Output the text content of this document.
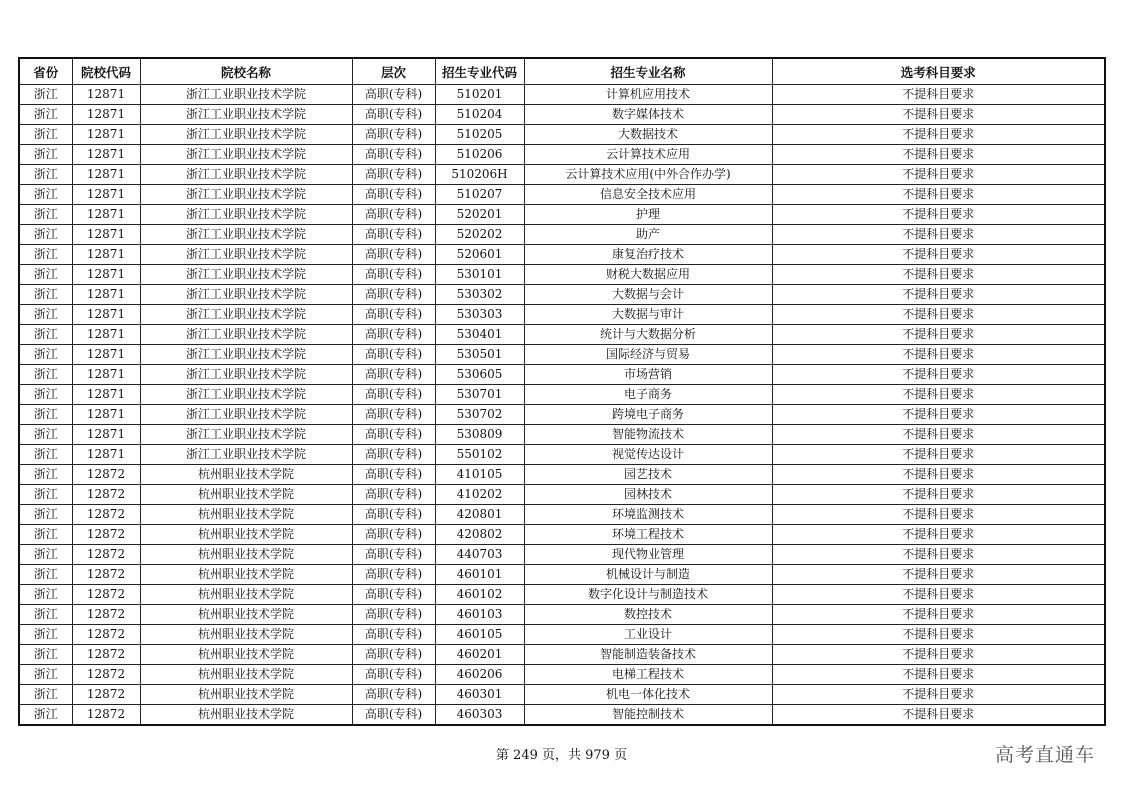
省份	院校代码	院校名称	层次	招生专业代码	招生专业名称	选考科目要求
浙江	12871	浙江工业职业技术学院	高职(专科)	510201	计算机应用技术	不提科目要求
浙江	12871	浙江工业职业技术学院	高职(专科)	510204	数字媒体技术	不提科目要求
浙江	12871	浙江工业职业技术学院	高职(专科)	510205	大数据技术	不提科目要求
浙江	12871	浙江工业职业技术学院	高职(专科)	510206	云计算技术应用	不提科目要求
浙江	12871	浙江工业职业技术学院	高职(专科)	510206H	云计算技术应用(中外合作办学)	不提科目要求
浙江	12871	浙江工业职业技术学院	高职(专科)	510207	信息安全技术应用	不提科目要求
浙江	12871	浙江工业职业技术学院	高职(专科)	520201	护理	不提科目要求
浙江	12871	浙江工业职业技术学院	高职(专科)	520202	助产	不提科目要求
浙江	12871	浙江工业职业技术学院	高职(专科)	520601	康复治疗技术	不提科目要求
浙江	12871	浙江工业职业技术学院	高职(专科)	530101	财税大数据应用	不提科目要求
浙江	12871	浙江工业职业技术学院	高职(专科)	530302	大数据与会计	不提科目要求
浙江	12871	浙江工业职业技术学院	高职(专科)	530303	大数据与审计	不提科目要求
浙江	12871	浙江工业职业技术学院	高职(专科)	530401	统计与大数据分析	不提科目要求
浙江	12871	浙江工业职业技术学院	高职(专科)	530501	国际经济与贸易	不提科目要求
浙江	12871	浙江工业职业技术学院	高职(专科)	530605	市场营销	不提科目要求
浙江	12871	浙江工业职业技术学院	高职(专科)	530701	电子商务	不提科目要求
浙江	12871	浙江工业职业技术学院	高职(专科)	530702	跨境电子商务	不提科目要求
浙江	12871	浙江工业职业技术学院	高职(专科)	530809	智能物流技术	不提科目要求
浙江	12871	浙江工业职业技术学院	高职(专科)	550102	视觉传达设计	不提科目要求
浙江	12872	杭州职业技术学院	高职(专科)	410105	园艺技术	不提科目要求
浙江	12872	杭州职业技术学院	高职(专科)	410202	园林技术	不提科目要求
浙江	12872	杭州职业技术学院	高职(专科)	420801	环境监测技术	不提科目要求
浙江	12872	杭州职业技术学院	高职(专科)	420802	环境工程技术	不提科目要求
浙江	12872	杭州职业技术学院	高职(专科)	440703	现代物业管理	不提科目要求
浙江	12872	杭州职业技术学院	高职(专科)	460101	机械设计与制造	不提科目要求
浙江	12872	杭州职业技术学院	高职(专科)	460102	数字化设计与制造技术	不提科目要求
浙江	12872	杭州职业技术学院	高职(专科)	460103	数控技术	不提科目要求
浙江	12872	杭州职业技术学院	高职(专科)	460105	工业设计	不提科目要求
浙江	12872	杭州职业技术学院	高职(专科)	460201	智能制造装备技术	不提科目要求
浙江	12872	杭州职业技术学院	高职(专科)	460206	电梯工程技术	不提科目要求
浙江	12872	杭州职业技术学院	高职(专科)	460301	机电一体化技术	不提科目要求
浙江	12872	杭州职业技术学院	高职(专科)	460303	智能控制技术	不提科目要求
第 249 页，共 979 页	高考直通车
